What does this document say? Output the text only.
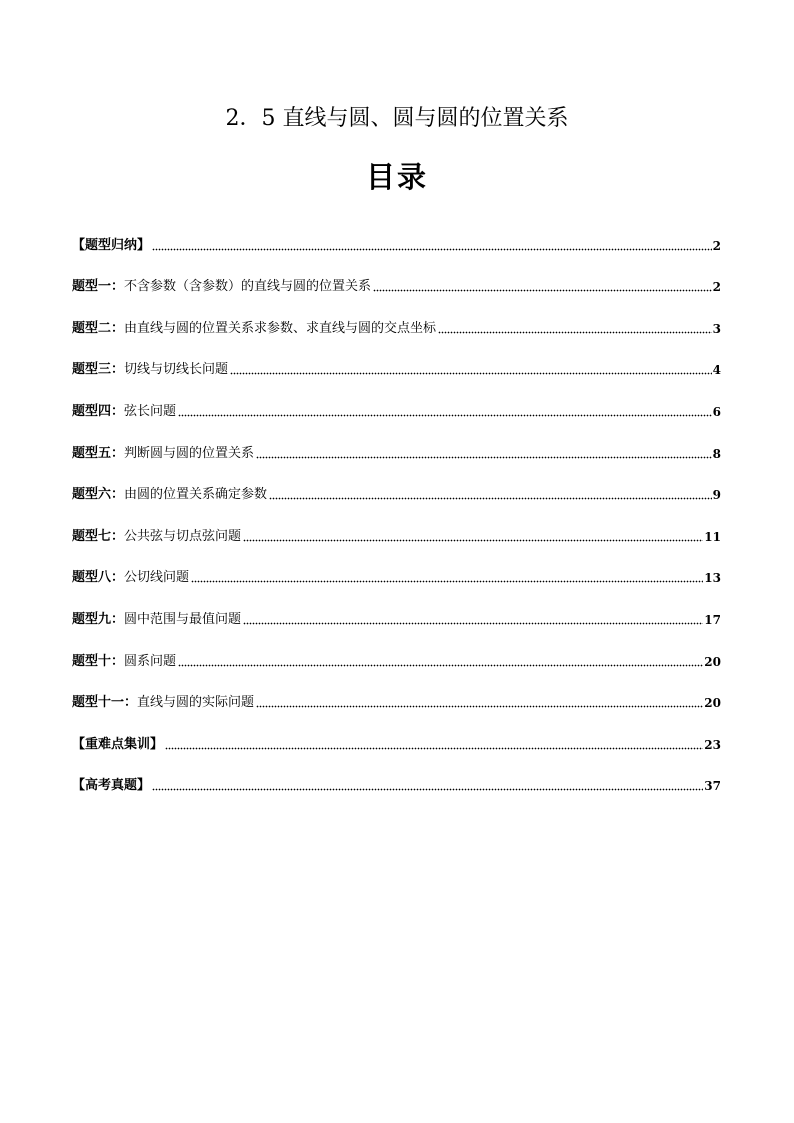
2．5 直线与圆、圆与圆的位置关系
目录
【题型归纳】	2
题型一： 不含参数（含参数）的直线与圆的位置关系	2
题型二： 由直线与圆的位置关系求参数、求直线与圆的交点坐标	3
题型三： 切线与切线长问题	4
题型四： 弦长问题	6
题型五： 判断圆与圆的位置关系	8
题型六： 由圆的位置关系确定参数	9
题型七： 公共弦与切点弦问题	11
题型八： 公切线问题	13
题型九： 圆中范围与最值问题	17
题型十： 圆系问题	20
题型十一： 直线与圆的实际问题	20
【重难点集训】	23
【高考真题】	37
